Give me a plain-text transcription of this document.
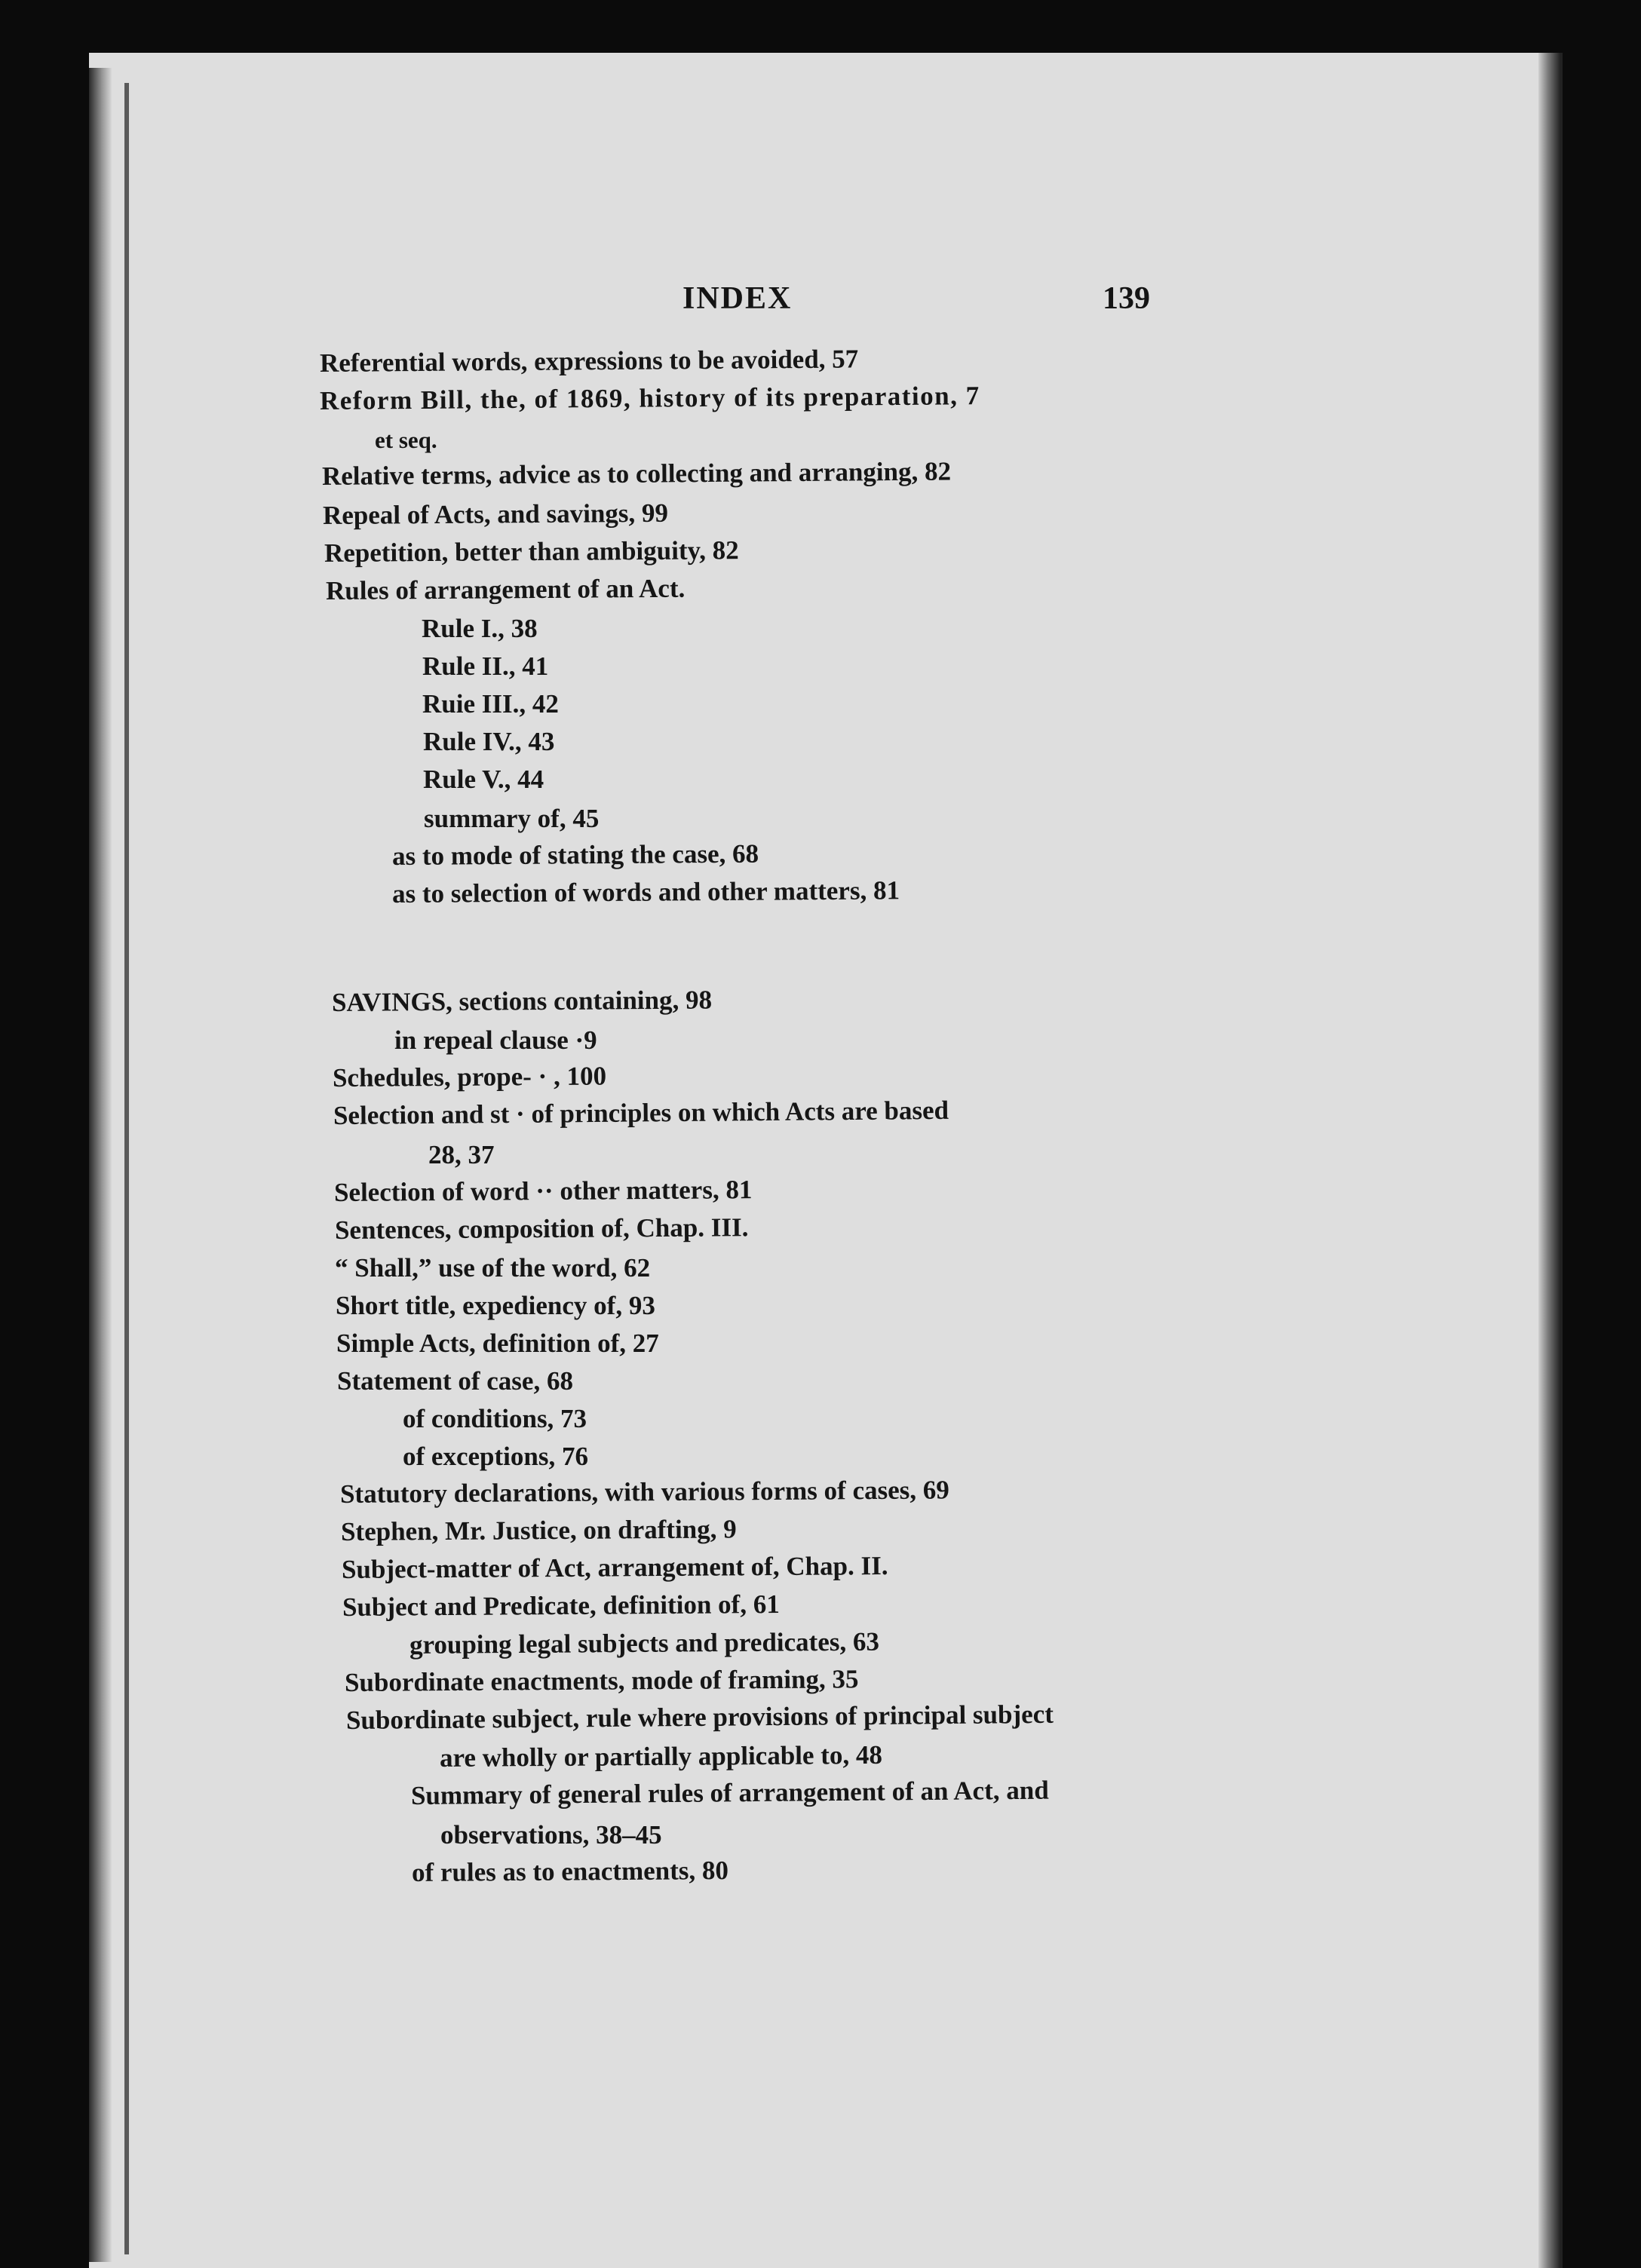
INDEX	139
Referential words, expressions to be avoided, 57
Reform Bill, the, of 1869, history of its preparation, 7
et seq.
Relative terms, advice as to collecting and arranging, 82
Repeal of Acts, and savings, 99
Repetition, better than ambiguity, 82
Rules of arrangement of an Act.
Rule I., 38
Rule II., 41
Ruie III., 42
Rule IV., 43
Rule V., 44
summary of, 45
as to mode of stating the case, 68
as to selection of words and other matters, 81
SAVINGS, sections containing, 98
in repeal clause ·9
Schedules, prope- · , 100
Selection and st · of principles on which Acts are based
28, 37
Selection of word ·· other matters, 81
Sentences, composition of, Chap. III.
“ Shall,” use of the word, 62
Short title, expediency of, 93
Simple Acts, definition of, 27
Statement of case, 68
of conditions, 73
of exceptions, 76
Statutory declarations, with various forms of cases, 69
Stephen, Mr. Justice, on drafting, 9
Subject-matter of Act, arrangement of, Chap. II.
Subject and Predicate, definition of, 61
grouping legal subjects and predicates, 63
Subordinate enactments, mode of framing, 35
Subordinate subject, rule where provisions of principal subject
are wholly or partially applicable to, 48
Summary of general rules of arrangement of an Act, and
observations, 38–45
of rules as to enactments, 80
